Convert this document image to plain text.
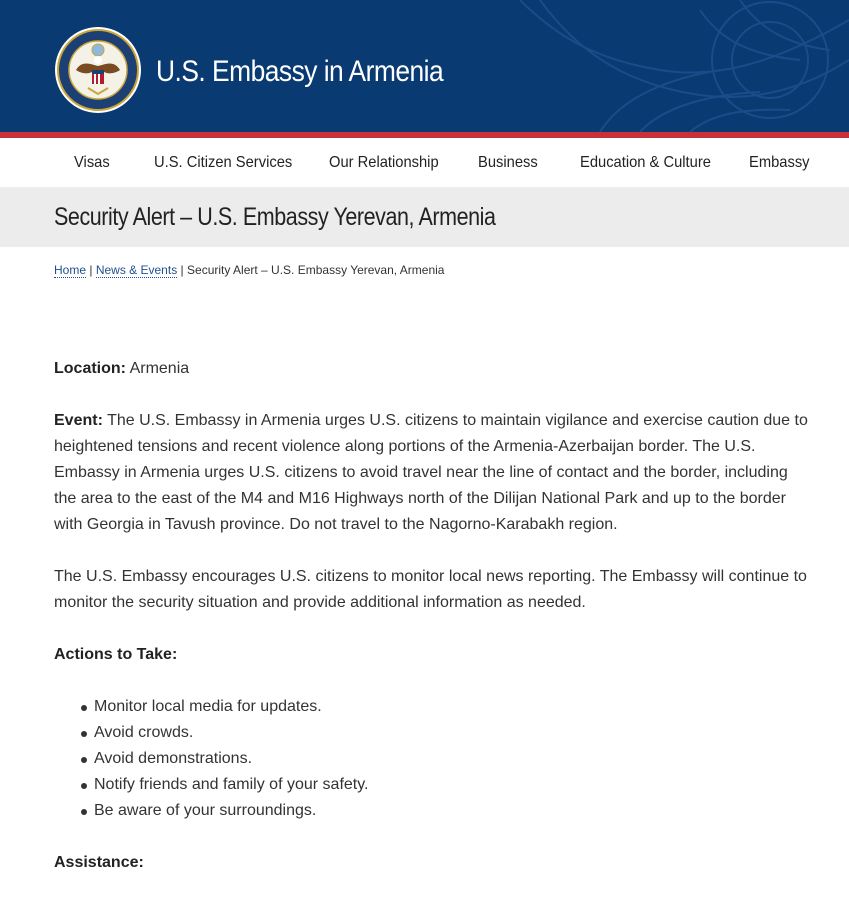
U.S. Embassy in Armenia
Visas	U.S. Citizen Services Our Relationship Business	Education & Culture Embassy
Security Alert – U.S. Embassy Yerevan, Armenia
Home | News & Events | Security Alert – U.S. Embassy Yerevan, Armenia

Location: Armenia

Event: The U.S. Embassy in Armenia urges U.S. citizens to maintain vigilance and exercise caution due to heightened tensions and recent violence along portions of the Armenia-Azerbaijan border. The U.S. Embassy in Armenia urges U.S. citizens to avoid travel near the line of contact and the border, including the area to the east of the M4 and M16 Highways north of the Dilijan National Park and up to the border with Georgia in Tavush province. Do not travel to the Nagorno-Karabakh region.

The U.S. Embassy encourages U.S. citizens to monitor local news reporting. The Embassy will continue to monitor the security situation and provide additional information as needed.

Actions to Take:

Monitor local media for updates.
Avoid crowds.
Avoid demonstrations.
Notify friends and family of your safety.
Be aware of your surroundings.

Assistance:
